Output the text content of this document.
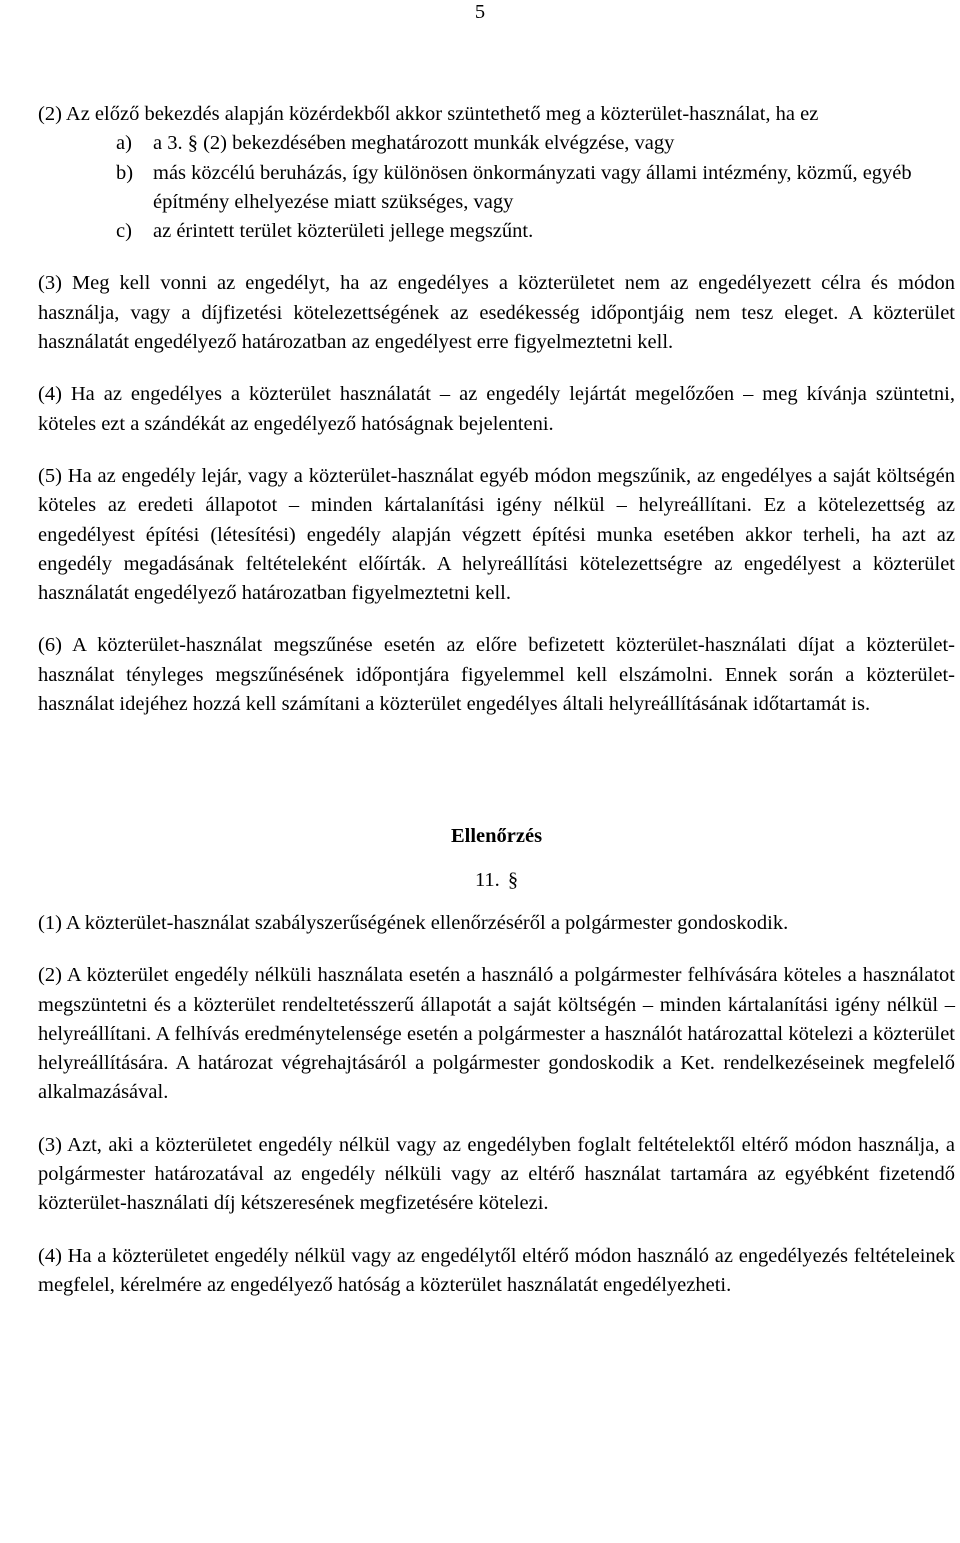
5

(2) Az előző bekezdés alapján közérdekből akkor szüntethető meg a közterület-használat, ha ez

a) a 3. § (2) bekezdésében meghatározott munkák elvégzése, vagy
b) más közcélú beruházás, így különösen önkormányzati vagy állami intézmény, közmű, egyéb építmény elhelyezése miatt szükséges, vagy
c) az érintett terület közterületi jellege megszűnt.

(3) Meg kell vonni az engedélyt, ha az engedélyes a közterületet nem az engedélyezett célra és módon használja, vagy a díjfizetési kötelezettségének az esedékesség időpontjáig nem tesz eleget. A közterület használatát engedélyező határozatban az engedélyest erre figyelmeztetni kell.

(4) Ha az engedélyes a közterület használatát – az engedély lejártát megelőzően – meg kívánja szüntetni, köteles ezt a szándékát az engedélyező hatóságnak bejelenteni.

(5) Ha az engedély lejár, vagy a közterület-használat egyéb módon megszűnik, az engedélyes a saját költségén köteles az eredeti állapotot – minden kártalanítási igény nélkül – helyreállítani. Ez a kötelezettség az engedélyest építési (létesítési) engedély alapján végzett építési munka esetében akkor terheli, ha azt az engedély megadásának feltételeként előírták. A helyreállítási kötelezettségre az engedélyest a közterület használatát engedélyező határozatban figyelmeztetni kell.

(6) A közterület-használat megszűnése esetén az előre befizetett közterület-használati díjat a közterület-használat tényleges megszűnésének időpontjára figyelemmel kell elszámolni. Ennek során a közterület-használat idejéhez hozzá kell számítani a közterület engedélyes általi helyreállításának időtartamát is.

Ellenőrzés
11. §

(1) A közterület-használat szabályszerűségének ellenőrzéséről a polgármester gondoskodik.

(2) A közterület engedély nélküli használata esetén a használó a polgármester felhívására köteles a használatot megszüntetni és a közterület rendeltetésszerű állapotát a saját költségén – minden kártalanítási igény nélkül – helyreállítani. A felhívás eredménytelensége esetén a polgármester a használót határozattal kötelezi a közterület helyreállítására. A határozat végrehajtásáról a polgármester gondoskodik a Ket. rendelkezéseinek megfelelő alkalmazásával.

(3) Azt, aki a közterületet engedély nélkül vagy az engedélyben foglalt feltételektől eltérő módon használja, a polgármester határozatával az engedély nélküli vagy az eltérő használat tartamára az egyébként fizetendő közterület-használati díj kétszeresének megfizetésére kötelezi.

(4) Ha a közterületet engedély nélkül vagy az engedélytől eltérő módon használó az engedélyezés feltételeinek megfelel, kérelmére az engedélyező hatóság a közterület használatát engedélyezheti.
